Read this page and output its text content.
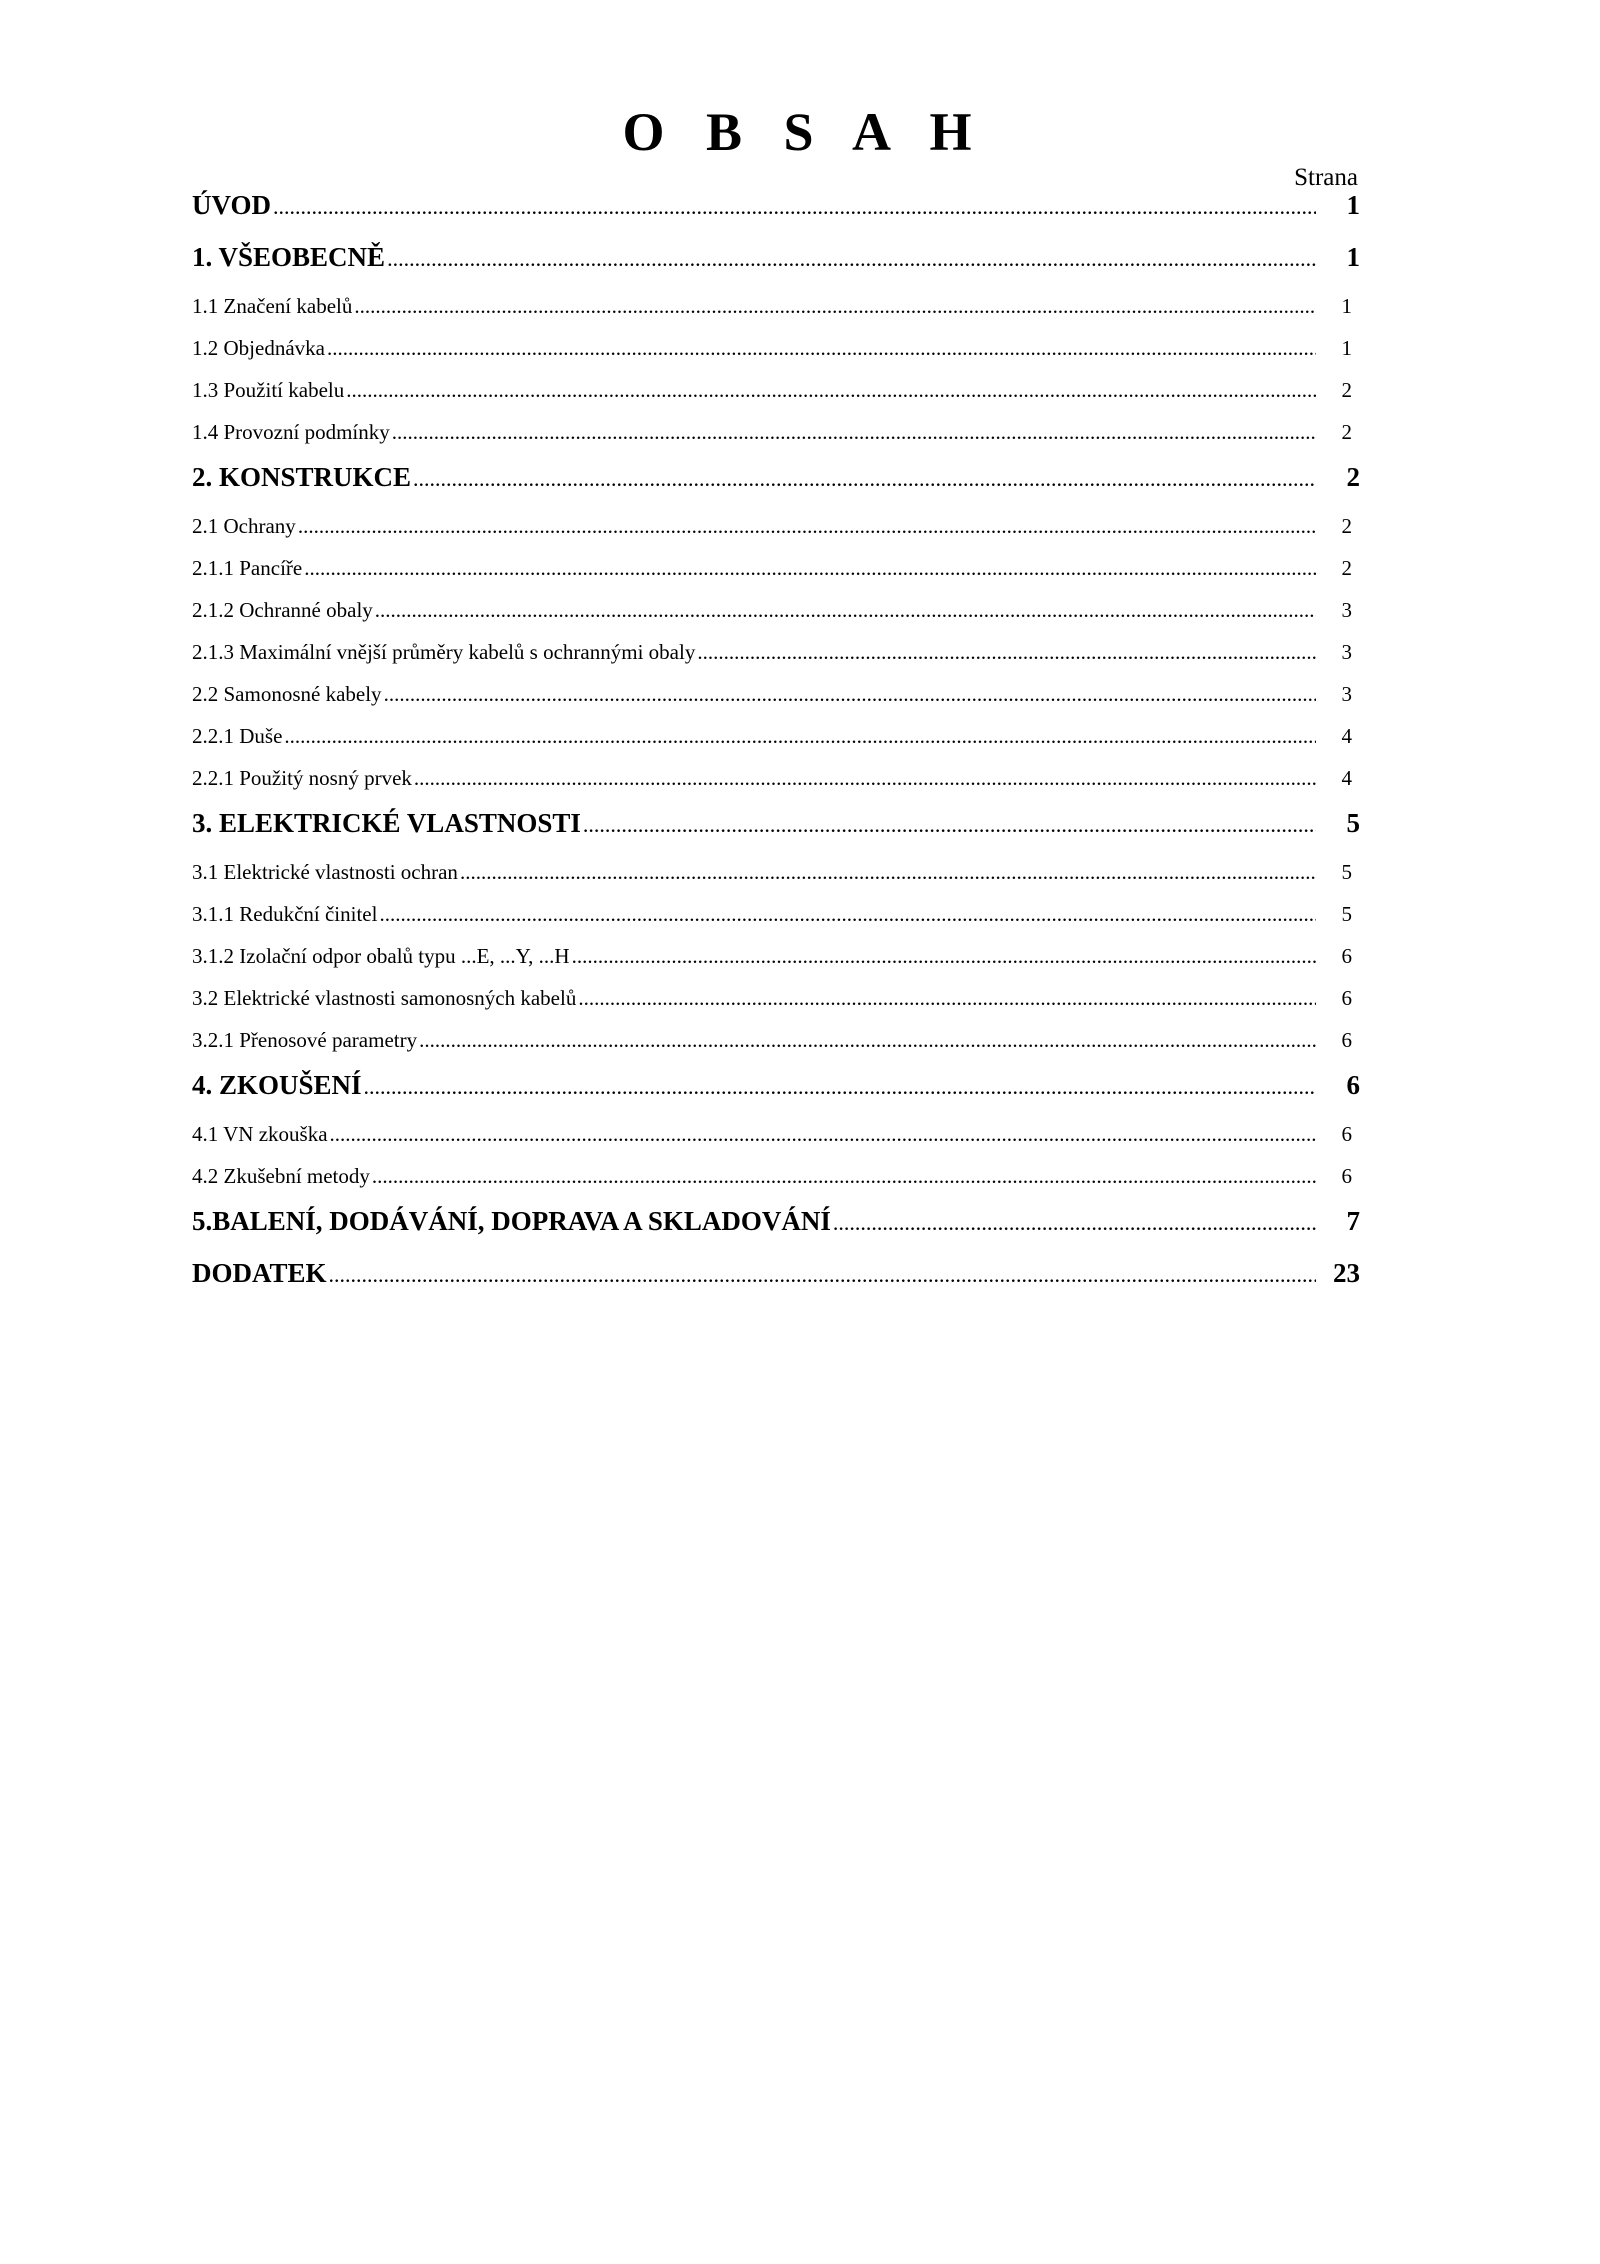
O B S A H
Strana
ÚVOD .....	1
1. VŠEOBECNĚ .....	1
1.1 Značení kabelů .....	1
1.2 Objednávka .....	1
1.3 Použití kabelu .....	2
1.4 Provozní podmínky .....	2
2. KONSTRUKCE .....	2
2.1 Ochrany .....	2
2.1.1 Pancíře .....	2
2.1.2 Ochranné obaly .....	3
2.1.3 Maximální vnější průměry kabelů s ochrannými obaly .....	3
2.2 Samonosné kabely .....	3
2.2.1 Duše .....	4
2.2.1 Použitý nosný prvek .....	4
3. ELEKTRICKÉ VLASTNOSTI .....	5
3.1 Elektrické vlastnosti ochran .....	5
3.1.1 Redukční činitel .....	5
3.1.2 Izolační odpor obalů typu ...E, ...Y, ...H .....	6
3.2 Elektrické vlastnosti samonosných kabelů .....	6
3.2.1 Přenosové parametry .....	6
4. ZKOUŠENÍ .....	6
4.1 VN zkouška .....	6
4.2 Zkušební metody .....	6
5.BALENÍ, DODÁVÁNÍ, DOPRAVA A SKLADOVÁNÍ .....	7
DODATEK .....	23
